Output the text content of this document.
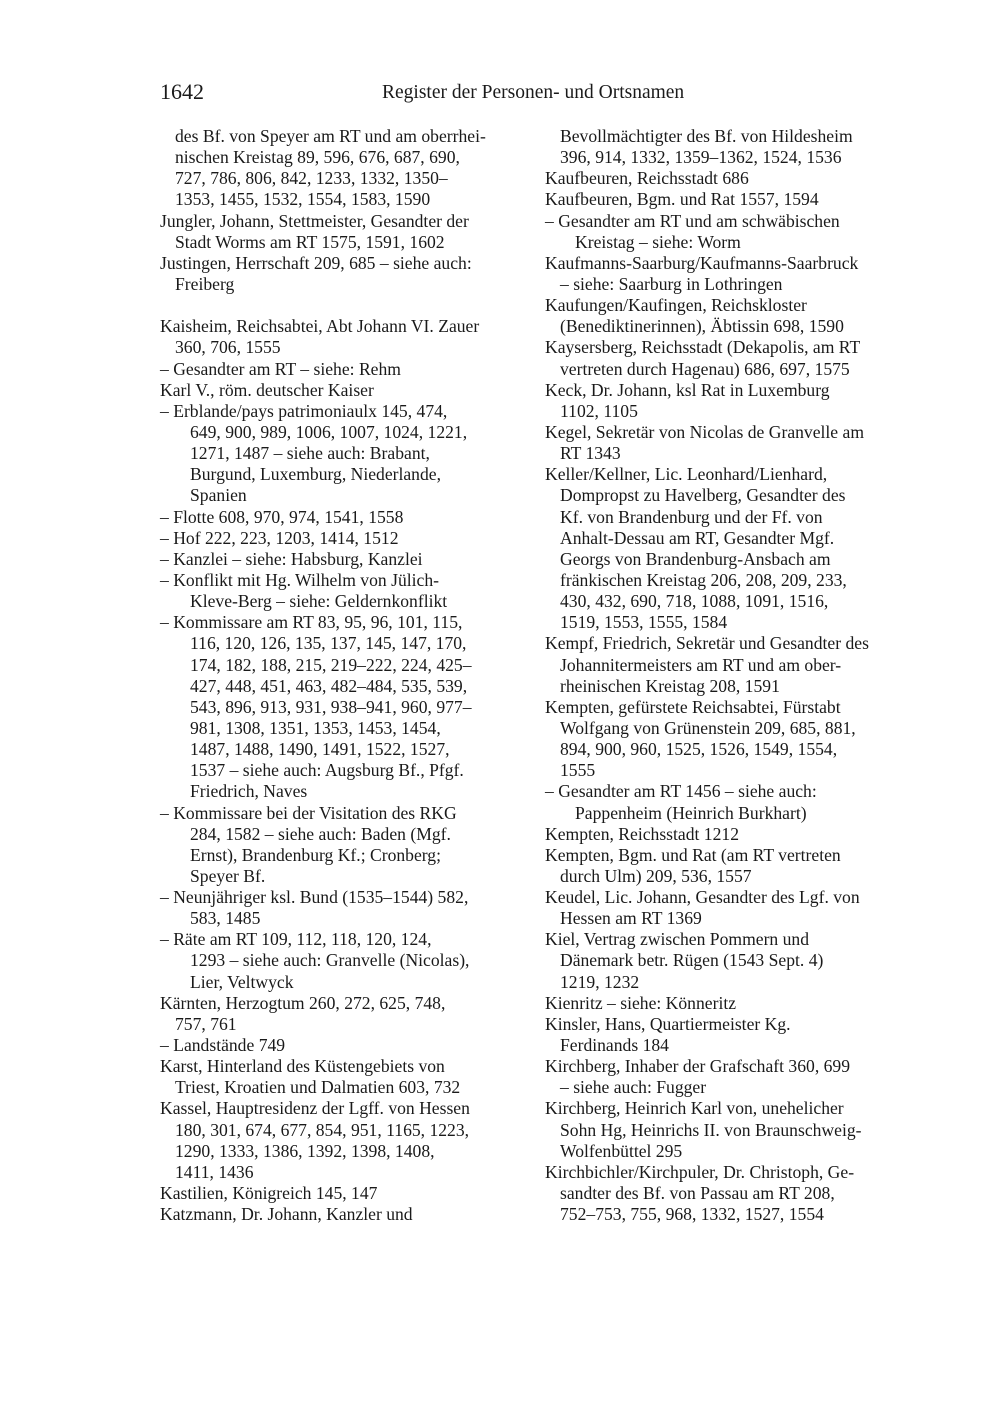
1642	Register der Personen- und Ortsnamen
des Bf. von Speyer am RT und am oberrhei-
nischen Kreistag 89, 596, 676, 687, 690,
727, 786, 806, 842, 1233, 1332, 1350–
1353, 1455, 1532, 1554, 1583, 1590
Jungler, Johann, Stettmeister, Gesandter der
Stadt Worms am RT 1575, 1591, 1602
Justingen, Herrschaft 209, 685 – siehe auch:
Freiberg
Kaisheim, Reichsabtei, Abt Johann VI. Zauer
360, 706, 1555
– Gesandter am RT – siehe: Rehm
Karl V., röm. deutscher Kaiser
– Erblande/pays patrimoniaulx 145, 474,
649, 900, 989, 1006, 1007, 1024, 1221,
1271, 1487 – siehe auch: Brabant,
Burgund, Luxemburg, Niederlande,
Spanien
– Flotte 608, 970, 974, 1541, 1558
– Hof 222, 223, 1203, 1414, 1512
– Kanzlei – siehe: Habsburg, Kanzlei
– Konflikt mit Hg. Wilhelm von Jülich-
Kleve-Berg – siehe: Geldernkonflikt
– Kommissare am RT 83, 95, 96, 101, 115,
116, 120, 126, 135, 137, 145, 147, 170,
174, 182, 188, 215, 219–222, 224, 425–
427, 448, 451, 463, 482–484, 535, 539,
543, 896, 913, 931, 938–941, 960, 977–
981, 1308, 1351, 1353, 1453, 1454,
1487, 1488, 1490, 1491, 1522, 1527,
1537 – siehe auch: Augsburg Bf., Pfgf.
Friedrich, Naves
– Kommissare bei der Visitation des RKG
284, 1582 – siehe auch: Baden (Mgf.
Ernst), Brandenburg Kf.; Cronberg;
Speyer Bf.
– Neunjähriger ksl. Bund (1535–1544) 582,
583, 1485
– Räte am RT 109, 112, 118, 120, 124,
1293 – siehe auch: Granvelle (Nicolas),
Lier, Veltwyck
Kärnten, Herzogtum 260, 272, 625, 748,
757, 761
– Landstände 749
Karst, Hinterland des Küstengebiets von
Triest, Kroatien und Dalmatien 603, 732
Kassel, Hauptresidenz der Lgff. von Hessen
180, 301, 674, 677, 854, 951, 1165, 1223,
1290, 1333, 1386, 1392, 1398, 1408,
1411, 1436
Kastilien, Königreich 145, 147
Katzmann, Dr. Johann, Kanzler und
Bevollmächtigter des Bf. von Hildesheim
396, 914, 1332, 1359–1362, 1524, 1536
Kaufbeuren, Reichsstadt 686
Kaufbeuren, Bgm. und Rat 1557, 1594
– Gesandter am RT und am schwäbischen
Kreistag – siehe: Worm
Kaufmanns-Saarburg/Kaufmanns-Saarbruck
– siehe: Saarburg in Lothringen
Kaufungen/Kaufingen, Reichskloster
(Benediktinerinnen), Äbtissin 698, 1590
Kaysersberg, Reichsstadt (Dekapolis, am RT
vertreten durch Hagenau) 686, 697, 1575
Keck, Dr. Johann, ksl Rat in Luxemburg
1102, 1105
Kegel, Sekretär von Nicolas de Granvelle am
RT 1343
Keller/Kellner, Lic. Leonhard/Lienhard,
Dompropst zu Havelberg, Gesandter des
Kf. von Brandenburg und der Ff. von
Anhalt-Dessau am RT, Gesandter Mgf.
Georgs von Brandenburg-Ansbach am
fränkischen Kreistag 206, 208, 209, 233,
430, 432, 690, 718, 1088, 1091, 1516,
1519, 1553, 1555, 1584
Kempf, Friedrich, Sekretär und Gesandter des
Johannitermeisters am RT und am ober-
rheinischen Kreistag 208, 1591
Kempten, gefürstete Reichsabtei, Fürstabt
Wolfgang von Grünenstein 209, 685, 881,
894, 900, 960, 1525, 1526, 1549, 1554,
1555
– Gesandter am RT 1456 – siehe auch:
Pappenheim (Heinrich Burkhart)
Kempten, Reichsstadt 1212
Kempten, Bgm. und Rat (am RT vertreten
durch Ulm) 209, 536, 1557
Keudel, Lic. Johann, Gesandter des Lgf. von
Hessen am RT 1369
Kiel, Vertrag zwischen Pommern und
Dänemark betr. Rügen (1543 Sept. 4)
1219, 1232
Kienritz – siehe: Könneritz
Kinsler, Hans, Quartiermeister Kg.
Ferdinands 184
Kirchberg, Inhaber der Grafschaft 360, 699
– siehe auch: Fugger
Kirchberg, Heinrich Karl von, unehelicher
Sohn Hg, Heinrichs II. von Braunschweig-
Wolfenbüttel 295
Kirchbichler/Kirchpuler, Dr. Christoph, Ge-
sandter des Bf. von Passau am RT 208,
752–753, 755, 968, 1332, 1527, 1554
